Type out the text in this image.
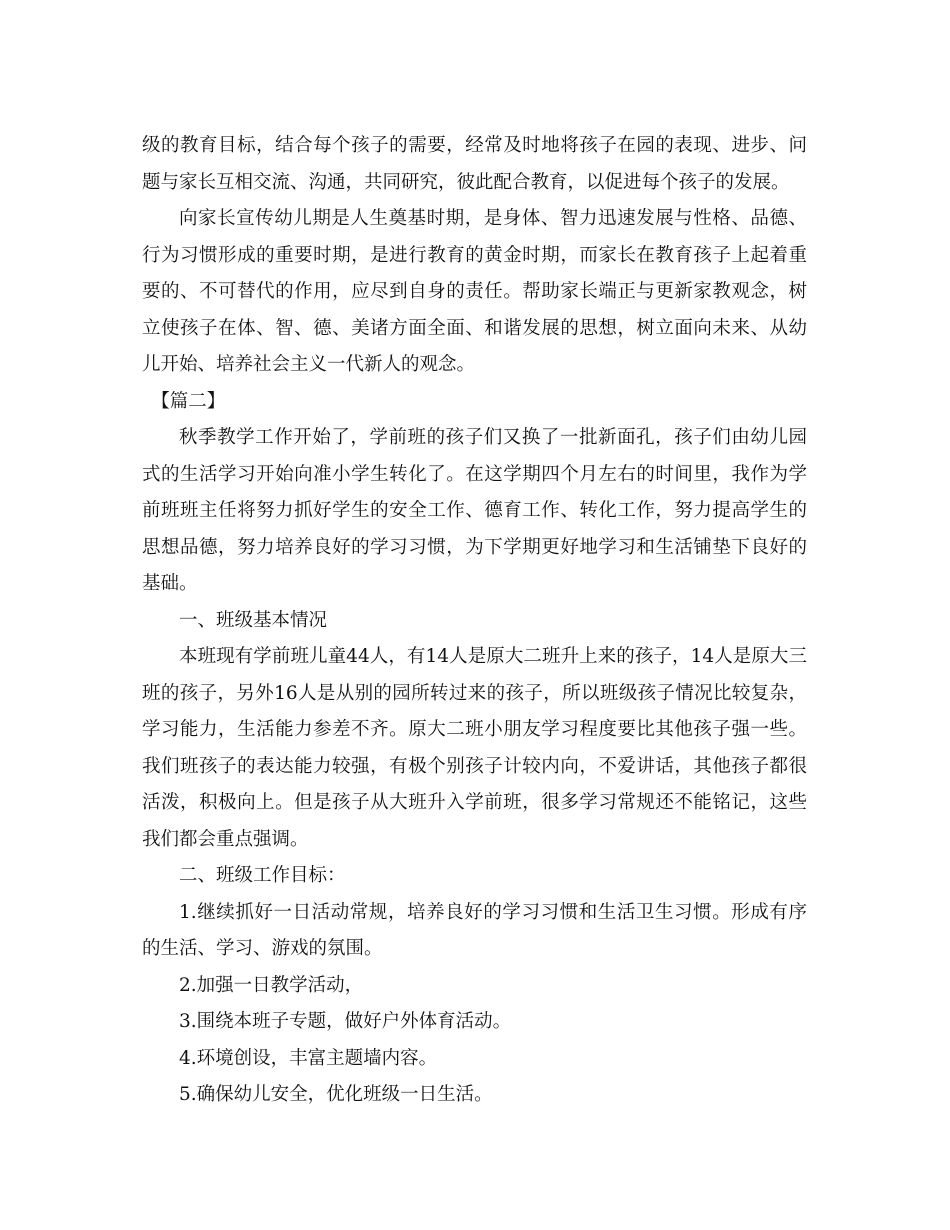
级的教育目标，结合每个孩子的需要，经常及时地将孩子在园的表现、进步、问题与家长互相交流、沟通，共同研究，彼此配合教育，以促进每个孩子的发展。

向家长宣传幼儿期是人生奠基时期，是身体、智力迅速发展与性格、品德、行为习惯形成的重要时期，是进行教育的黄金时期，而家长在教育孩子上起着重要的、不可替代的作用，应尽到自身的责任。帮助家长端正与更新家教观念，树立使孩子在体、智、德、美诸方面全面、和谐发展的思想，树立面向未来、从幼儿开始、培养社会主义一代新人的观念。

【篇二】

秋季教学工作开始了，学前班的孩子们又换了一批新面孔，孩子们由幼儿园式的生活学习开始向准小学生转化了。在这学期四个月左右的时间里，我作为学前班班主任将努力抓好学生的安全工作、德育工作、转化工作，努力提高学生的思想品德，努力培养良好的学习习惯，为下学期更好地学习和生活铺垫下良好的基础。

一、班级基本情况

本班现有学前班儿童44人，有14人是原大二班升上来的孩子，14人是原大三班的孩子，另外16人是从别的园所转过来的孩子，所以班级孩子情况比较复杂，学习能力，生活能力参差不齐。原大二班小朋友学习程度要比其他孩子强一些。我们班孩子的表达能力较强，有极个别孩子计较内向，不爱讲话，其他孩子都很活泼，积极向上。但是孩子从大班升入学前班，很多学习常规还不能铭记，这些我们都会重点强调。

二、班级工作目标：

1.继续抓好一日活动常规，培养良好的学习习惯和生活卫生习惯。形成有序的生活、学习、游戏的氛围。

2.加强一日教学活动，

3.围绕本班子专题，做好户外体育活动。

4.环境创设，丰富主题墙内容。

5.确保幼儿安全，优化班级一日生活。
